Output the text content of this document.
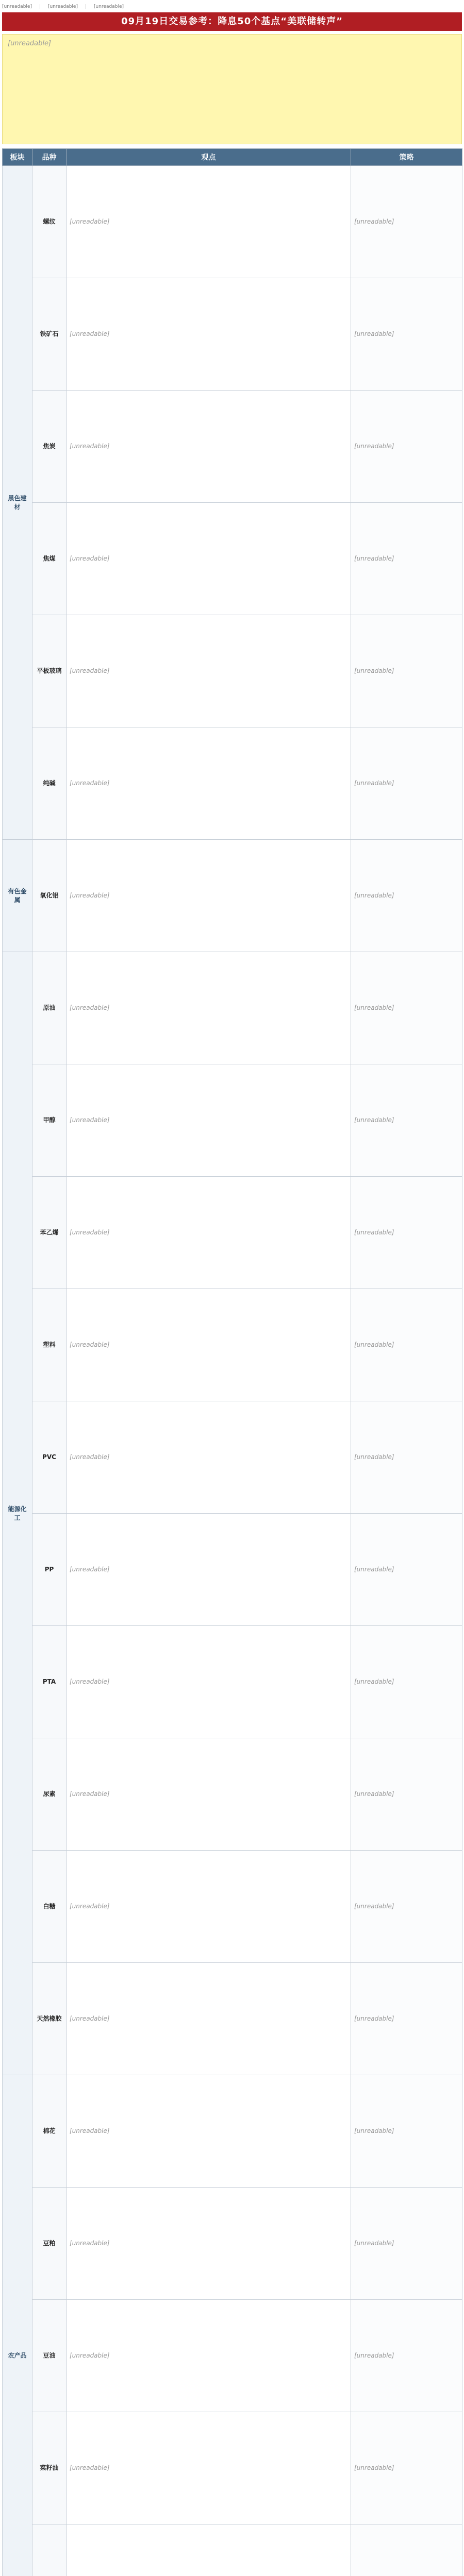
[unreadable] | [unreadable] | [unreadable]
09月19日交易参考：降息50个基点“美联储转声”
[unreadable]
板块	品种	观点	策略
黑色建材	螺纹	[unreadable]	[unreadable]
	铁矿石	[unreadable]	[unreadable]
	焦炭	[unreadable]	[unreadable]
	焦煤	[unreadable]	[unreadable]
	平板玻璃	[unreadable]	[unreadable]
	纯碱	[unreadable]	[unreadable]
有色金属	氧化铝	[unreadable]	[unreadable]
能源化工	原油	[unreadable]	[unreadable]
	甲醇	[unreadable]	[unreadable]
	苯乙烯	[unreadable]	[unreadable]
	塑料	[unreadable]	[unreadable]
	PVC	[unreadable]	[unreadable]
	PP	[unreadable]	[unreadable]
	PTA	[unreadable]	[unreadable]
	尿素	[unreadable]	[unreadable]
	白糖	[unreadable]	[unreadable]
	天然橡胶	[unreadable]	[unreadable]
农产品	棉花	[unreadable]	[unreadable]
	豆粕	[unreadable]	[unreadable]
	豆油	[unreadable]	[unreadable]
	菜籽油	[unreadable]	[unreadable]
